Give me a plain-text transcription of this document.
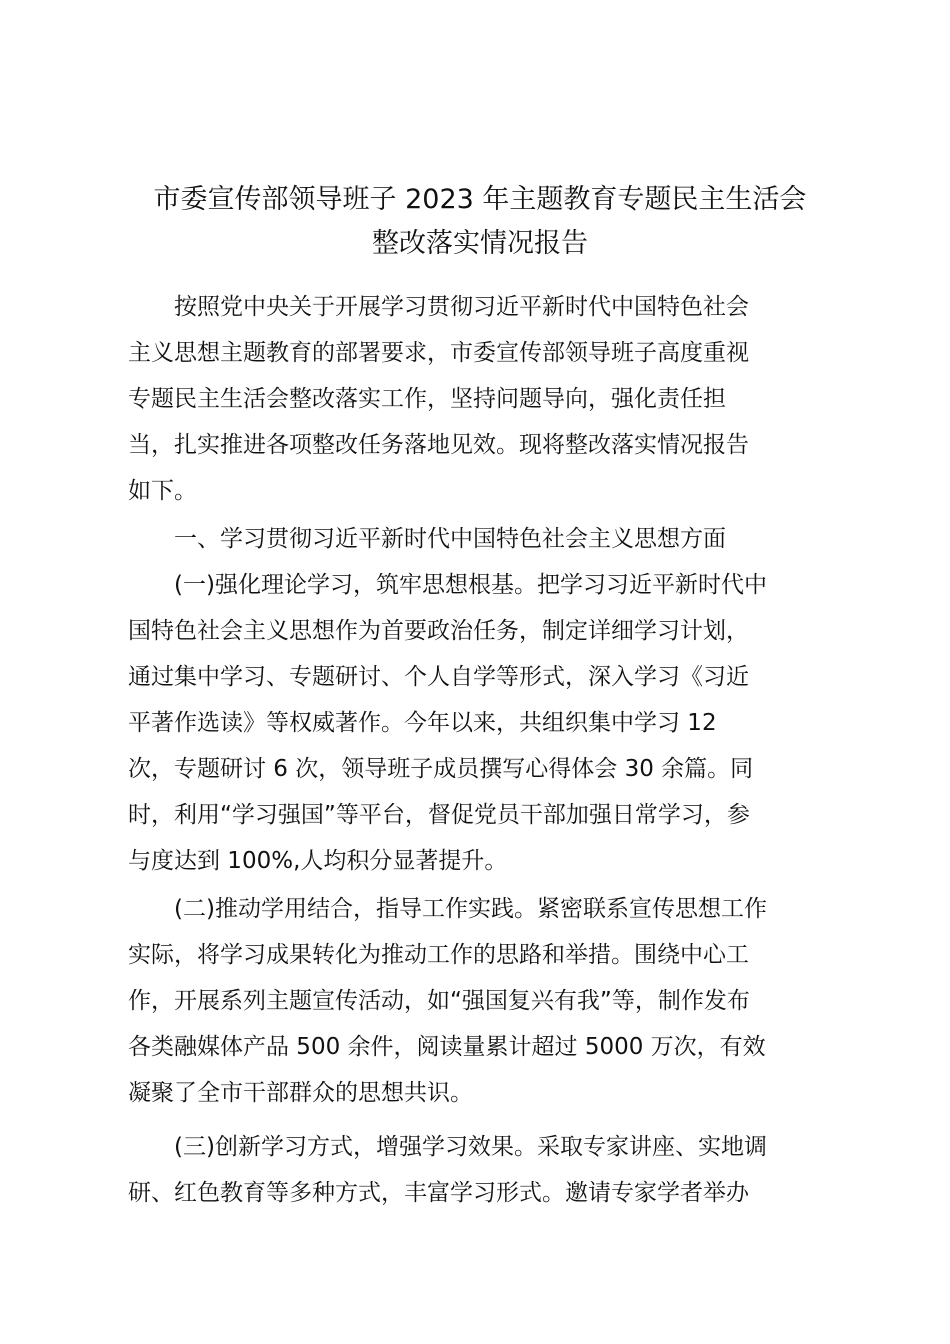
市委宣传部领导班子 2023 年主题教育专题民主生活会
整改落实情况报告
按照党中央关于开展学习贯彻习近平新时代中国特色社会
主义思想主题教育的部署要求，市委宣传部领导班子高度重视
专题民主生活会整改落实工作，坚持问题导向，强化责任担
当，扎实推进各项整改任务落地见效。现将整改落实情况报告
如下。
一、学习贯彻习近平新时代中国特色社会主义思想方面
(一)强化理论学习，筑牢思想根基。把学习习近平新时代中
国特色社会主义思想作为首要政治任务，制定详细学习计划，
通过集中学习、专题研讨、个人自学等形式，深入学习《习近
平著作选读》等权威著作。今年以来，共组织集中学习 12
次，专题研讨 6 次，领导班子成员撰写心得体会 30 余篇。同
时，利用“学习强国”等平台，督促党员干部加强日常学习，参
与度达到 100%,人均积分显著提升。
(二)推动学用结合，指导工作实践。紧密联系宣传思想工作
实际，将学习成果转化为推动工作的思路和举措。围绕中心工
作，开展系列主题宣传活动，如“强国复兴有我”等，制作发布
各类融媒体产品 500 余件，阅读量累计超过 5000 万次，有效
凝聚了全市干部群众的思想共识。
(三)创新学习方式，增强学习效果。采取专家讲座、实地调
研、红色教育等多种方式，丰富学习形式。邀请专家学者举办
